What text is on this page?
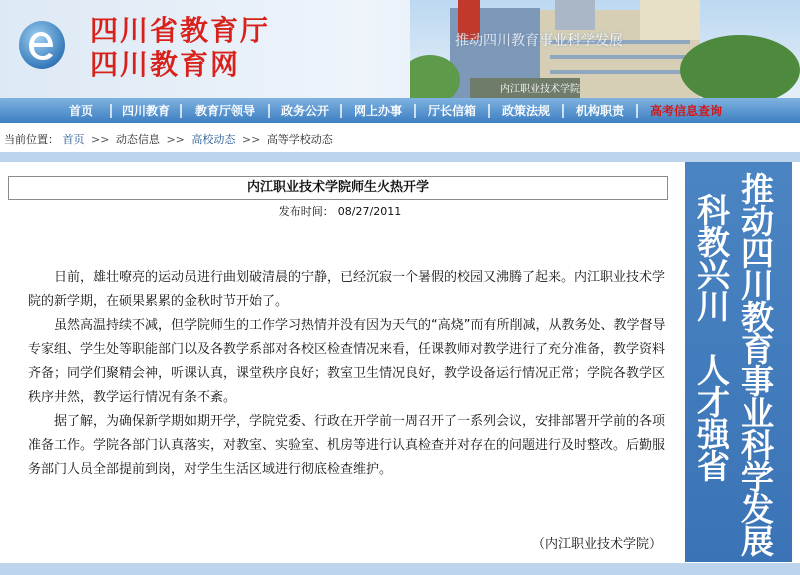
四川省教育厅
四川教育网
推动四川教育事业科学发展
内江职业技术学院
首页	四川教育	教育厅领导	政务公开	网上办事	厅长信箱	政策法规	机构职责	高考信息查询
当前位置： 首页 >> 动态信息 >> 高校动态 >> 高等学校动态
内江职业技术学院师生火热开学
发布时间： 08/27/2011

日前，雄壮嘹亮的运动员进行曲划破清晨的宁静，已经沉寂一个暑假的校园又沸腾了起来。内江职业技术学院的新学期，在硕果累累的金秋时节开始了。

虽然高温持续不减，但学院师生的工作学习热情并没有因为天气的“高烧”而有所削减，从教务处、教学督导专家组、学生处等职能部门以及各教学系部对各校区检查情况来看，任课教师对教学进行了充分准备，教学资料齐备；同学们聚精会神，听课认真，课堂秩序良好；教室卫生情况良好，教学设备运行情况正常；学院各教学区秩序井然，教学运行情况有条不紊。

据了解，为确保新学期如期开学，学院党委、行政在开学前一周召开了一系列会议，安排部署开学前的各项准备工作。学院各部门认真落实，对教室、实验室、机房等进行认真检查并对存在的问题进行及时整改。后勤服务部门人员全部提前到岗，对学生生活区域进行彻底检查维护。

（内江职业技术学院） 推动四川教育事业科学发展
科教兴川　人才强省
